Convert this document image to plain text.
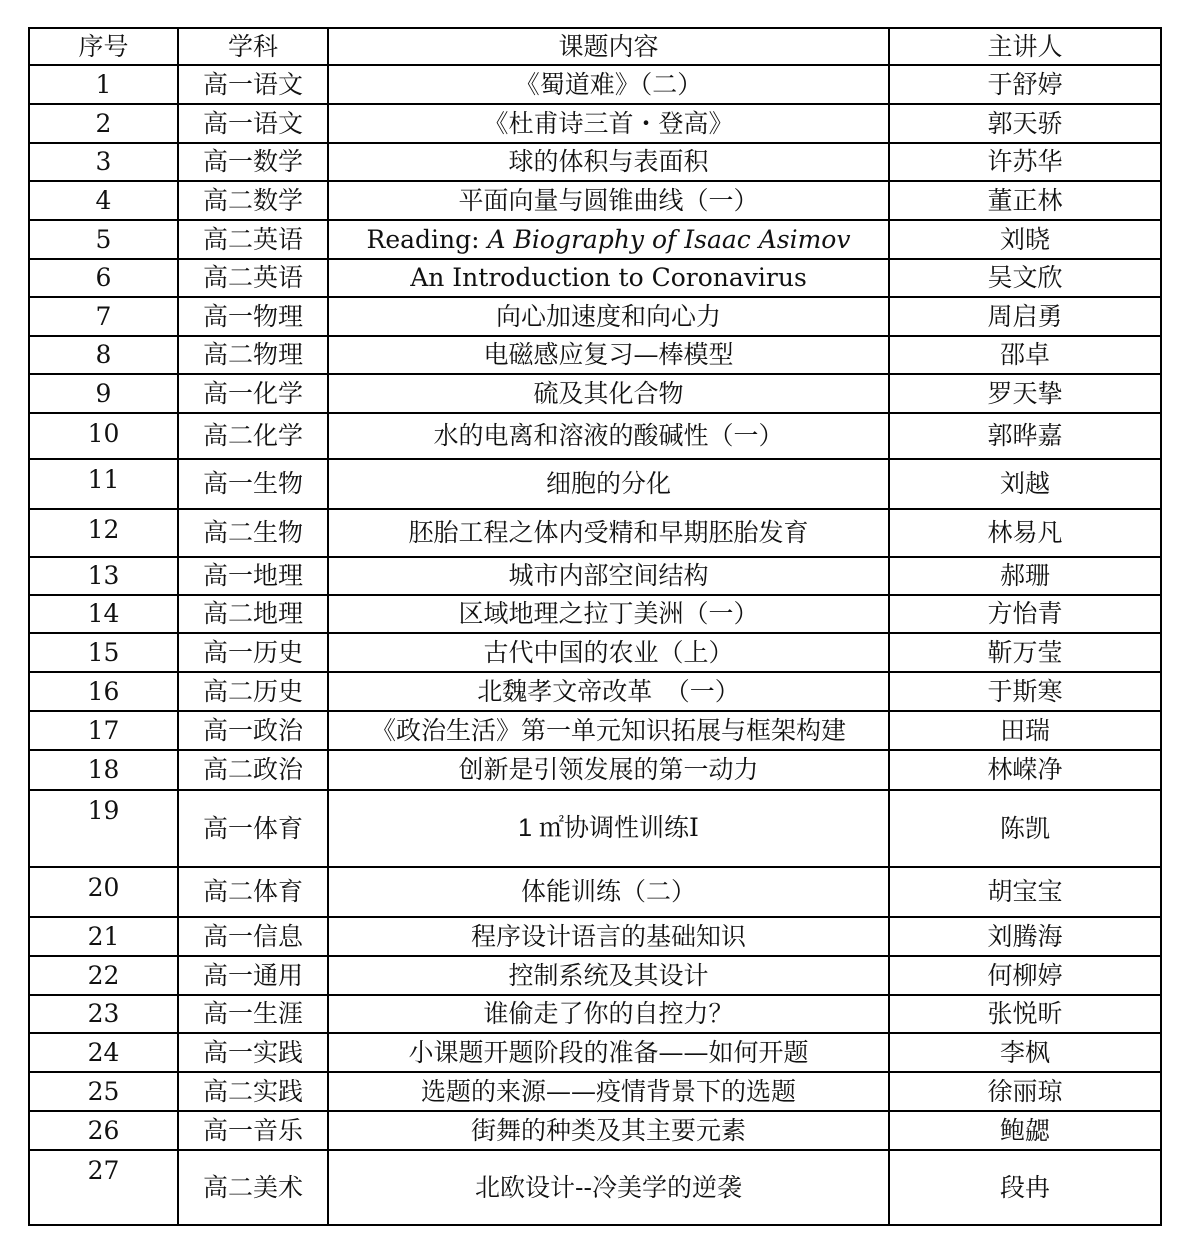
序号	学科	课题内容	主讲人
1	高一语文	《蜀道难》（二）	于舒婷
2	高一语文	《杜甫诗三首・登高》	郭天骄
3	高一数学	球的体积与表面积	许苏华
4	高二数学	平面向量与圆锥曲线（一）	董正林
5	高二英语	Reading: A Biography of Isaac Asimov	刘晓
6	高二英语	An Introduction to Coronavirus	吴文欣
7	高一物理	向心加速度和向心力	周启勇
8	高二物理	电磁感应复习—棒模型	邵卓
9	高一化学	硫及其化合物	罗天挚
10	高二化学	水的电离和溶液的酸碱性（一）	郭晔嘉
11	高一生物	细胞的分化	刘越
12	高二生物	胚胎工程之体内受精和早期胚胎发育	林易凡
13	高一地理	城市内部空间结构	郝珊
14	高二地理	区域地理之拉丁美洲（一）	方怡青
15	高一历史	古代中国的农业（上）	靳万莹
16	高二历史	北魏孝文帝改革　（一）	于斯寒
17	高一政治	《政治生活》第一单元知识拓展与框架构建	田瑞
18	高二政治	创新是引领发展的第一动力	林嵘净
19	高一体育	1 ㎡协调性训练Ⅰ	陈凯
20	高二体育	体能训练（二）	胡宝宝
21	高一信息	程序设计语言的基础知识	刘腾海
22	高一通用	控制系统及其设计	何柳婷
23	高一生涯	谁偷走了你的自控力？	张悦昕
24	高一实践	小课题开题阶段的准备——如何开题	李枫
25	高二实践	选题的来源——疫情背景下的选题	徐丽琼
26	高一音乐	街舞的种类及其主要元素	鲍勰
27	高二美术	北欧设计--冷美学的逆袭	段冉
